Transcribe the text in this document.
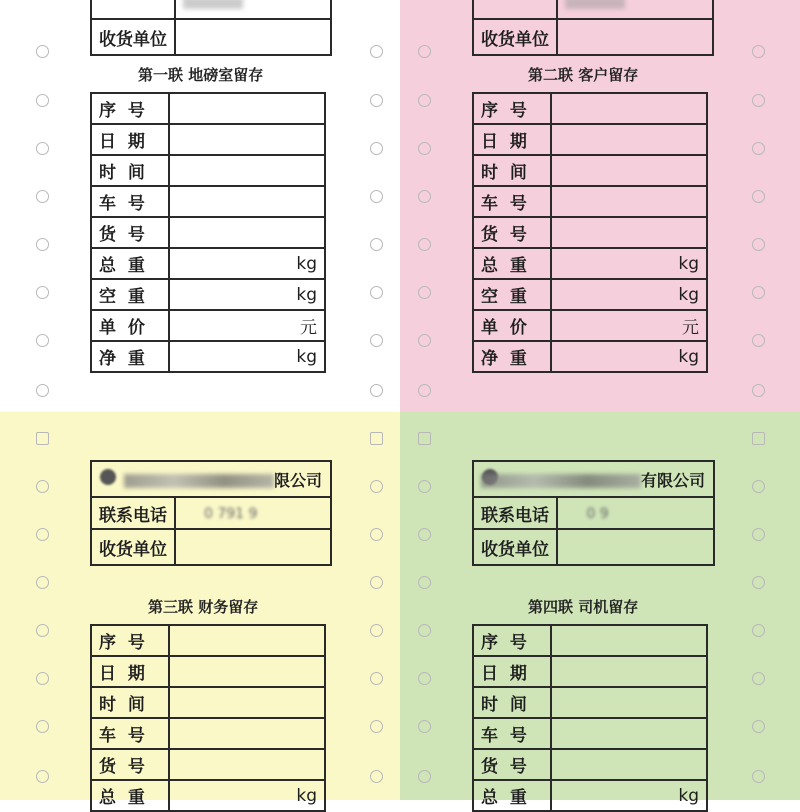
收货单位	
第一联 地磅室留存
序  号	
日  期	
时  间	
车  号	
货  号	
总  重	kg
空  重	kg
单  价	元
净  重	kg

收货单位	
第二联 客户留存
序  号	
日  期	
时  间	
车  号	
货  号	
总  重	kg
空  重	kg
单  价	元
净  重	kg
限公司	
联系电话	0 791 9
收货单位	
第三联 财务留存
序  号	
日  期	
时  间	
车  号	
货  号	
总  重	kg
有限公司	
联系电话	0 9
收货单位	
第四联 司机留存
序  号	
日  期	
时  间	
车  号	
货  号	
总  重	kg
